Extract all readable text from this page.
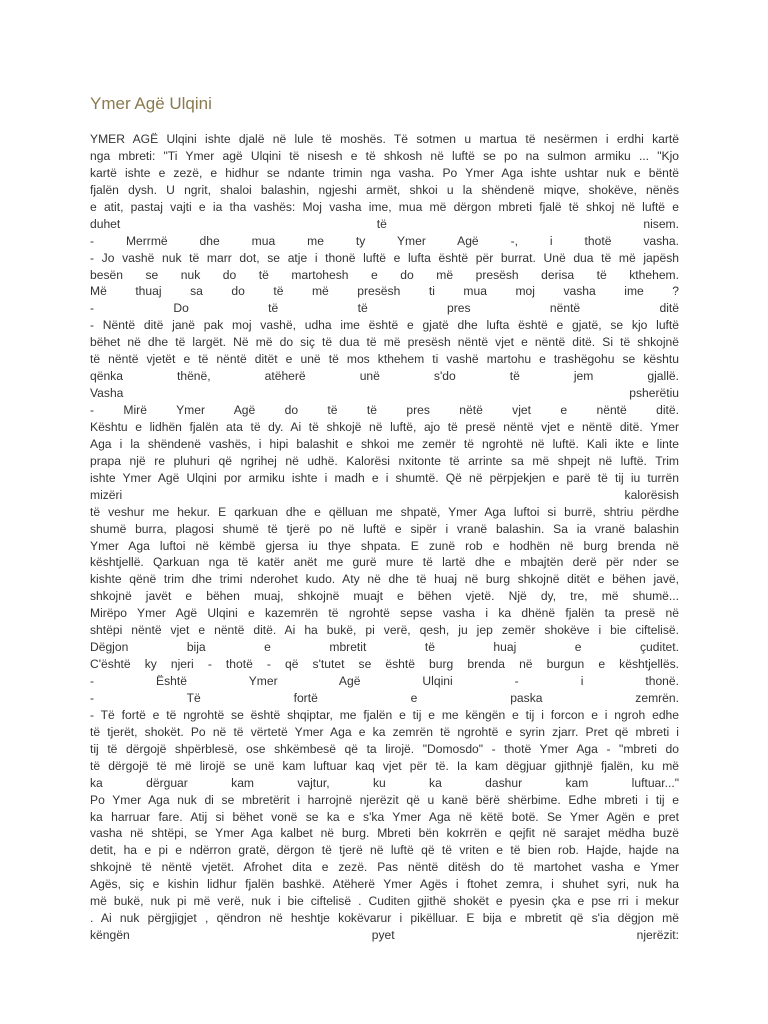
Ymer Agë Ulqini
YMER AGË Ulqini ishte djalë në lule të moshës. Të sotmen u martua të nesërmen i erdhi kartë
nga mbreti: "Ti Ymer agë Ulqini të nisesh e të shkosh në luftë se po na sulmon armiku ... "Kjo
kartë ishte e zezë, e hidhur se ndante trimin nga vasha. Po Ymer Aga ishte ushtar nuk e bëntë
fjalën dysh. U ngrit, shaloi balashin, ngjeshi armët, shkoi u la shëndenë miqve, shokëve, nënës
e atit, pastaj vajti e ia tha vashës: Moj vasha ime, mua më dërgon mbreti fjalë të shkoj në luftë e
duhet të nisem.
- Merrmë dhe mua me ty Ymer Agë -, i thotë vasha.
- Jo vashë nuk të marr dot, se atje i thonë luftë e lufta është për burrat. Unë dua të më japësh
besën se nuk do të martohesh e do më presësh derisa të kthehem.
Më thuaj sa do të më presësh ti mua moj vasha ime ?
- Do të të pres nëntë ditë
- Nëntë ditë janë pak moj vashë, udha ime është e gjatë dhe lufta është e gjatë, se kjo luftë
bëhet në dhe të largët. Në më do siç të dua të më presësh nëntë vjet e nëntë ditë. Si të shkojnë
të nëntë vjetët e të nëntë ditët e unë të mos kthehem ti vashë martohu e trashëgohu se kështu
qënka thënë, atëherë unë s'do të jem gjallë.
Vasha psherëtiu
- Mirë Ymer Agë do të të pres nëtë vjet e nëntë ditë.
Kështu e lidhën fjalën ata të dy. Ai të shkojë në luftë, ajo të presë nëntë vjet e nëntë ditë. Ymer
Aga i la shëndenë vashës, i hipi balashit e shkoi me zemër të ngrohtë në luftë. Kali ikte e linte
prapa një re pluhuri që ngrihej në udhë. Kalorësi nxitonte të arrinte sa më shpejt në luftë. Trim
ishte Ymer Agë Ulqini por armiku ishte i madh e i shumtë. Që në përpjekjen e parë të tij iu turrën
mizëri kalorësish
të veshur me hekur. E qarkuan dhe e qëlluan me shpatë, Ymer Aga luftoi si burrë, shtriu përdhe
shumë burra, plagosi shumë të tjerë po në luftë e sipër i vranë balashin. Sa ia vranë balashin
Ymer Aga luftoi në këmbë gjersa iu thye shpata. E zunë rob e hodhën në burg brenda në
kështjellë. Qarkuan nga të katër anët me gurë mure të lartë dhe e mbajtën derë për nder se
kishte qënë trim dhe trimi nderohet kudo. Aty në dhe të huaj në burg shkojnë ditët e bëhen javë,
shkojnë javët e bëhen muaj, shkojnë muajt e bëhen vjetë. Një dy, tre, më shumë...
Mirëpo Ymer Agë Ulqini e kazemrën të ngrohtë sepse vasha i ka dhënë fjalën ta presë në
shtëpi nëntë vjet e nëntë ditë. Ai ha bukë, pi verë, qesh, ju jep zemër shokëve i bie ciftelisë.
Dëgjon bija e mbretit të huaj e çuditet.
C'është ky njeri - thotë - që s'tutet se është burg brenda në burgun e kështjellës.
- Është Ymer Agë Ulqini - i thonë.
- Të fortë e paska zemrën.
- Të fortë e të ngrohtë se është shqiptar, me fjalën e tij e me këngën e tij i forcon e i ngroh edhe
të tjerët, shokët. Po në të vërtetë Ymer Aga e ka zemrën të ngrohtë e syrin zjarr. Pret që mbreti i
tij të dërgojë shpërblesë, ose shkëmbesë që ta lirojë. "Domosdo" - thotë Ymer Aga - "mbreti do
të dërgojë të më lirojë se unë kam luftuar kaq vjet për të. Ia kam dëgjuar gjithnjë fjalën, ku më
ka dërguar kam vajtur, ku ka dashur kam luftuar..."
Po Ymer Aga nuk di se mbretërit i harrojnë njerëzit që u kanë bërë shërbime. Edhe mbreti i tij e
ka harruar fare. Atij si bëhet vonë se ka e s'ka Ymer Aga në këtë botë. Se Ymer Agën e pret
vasha në shtëpi, se Ymer Aga kalbet në burg. Mbreti bën kokrrën e qejfit në sarajet mëdha buzë
detit, ha e pi e ndërron gratë, dërgon të tjerë në luftë që të vriten e të bien rob. Hajde, hajde na
shkojnë të nëntë vjetët. Afrohet dita e zezë. Pas nëntë ditësh do të martohet vasha e Ymer
Agës, siç e kishin lidhur fjalën bashkë. Atëherë Ymer Agës i ftohet zemra, i shuhet syri, nuk ha
më bukë, nuk pi më verë, nuk i bie ciftelisë . Cuditen gjithë shokët e pyesin çka e pse rri i mekur
. Ai nuk përgjigjet , qëndron në heshtje kokëvarur i pikëlluar. E bija e mbretit që s'ia dëgjon më
këngën pyet njerëzit:
